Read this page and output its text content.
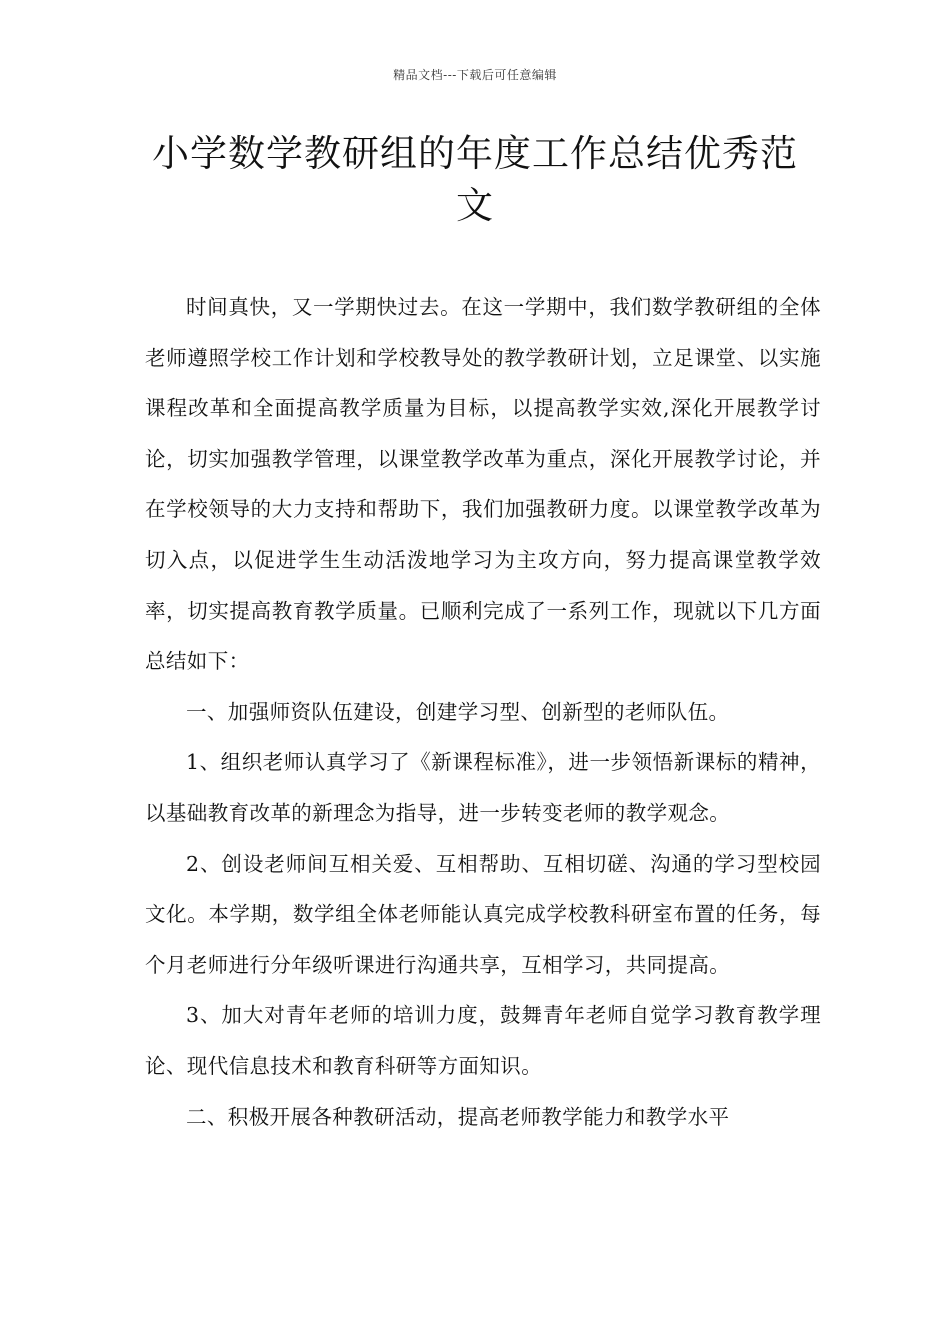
精品文档---下载后可任意编辑
小学数学教研组的年度工作总结优秀范文

时间真快，又一学期快过去。在这一学期中，我们数学教研组的全体老师遵照学校工作计划和学校教导处的教学教研计划，立足课堂、以实施课程改革和全面提高教学质量为目标，以提高教学实效,深化开展教学讨论，切实加强教学管理，以课堂教学改革为重点，深化开展教学讨论，并在学校领导的大力支持和帮助下，我们加强教研力度。以课堂教学改革为切入点，以促进学生生动活泼地学习为主攻方向，努力提高课堂教学效率，切实提高教育教学质量。已顺利完成了一系列工作，现就以下几方面总结如下：

一、加强师资队伍建设，创建学习型、创新型的老师队伍。

1、组织老师认真学习了《新课程标准》，进一步领悟新课标的精神，以基础教育改革的新理念为指导，进一步转变老师的教学观念。

2、创设老师间互相关爱、互相帮助、互相切磋、沟通的学习型校园文化。本学期，数学组全体老师能认真完成学校教科研室布置的任务，每个月老师进行分年级听课进行沟通共享，互相学习，共同提高。

3、加大对青年老师的培训力度，鼓舞青年老师自觉学习教育教学理论、现代信息技术和教育科研等方面知识。

二、积极开展各种教研活动，提高老师教学能力和教学水平
